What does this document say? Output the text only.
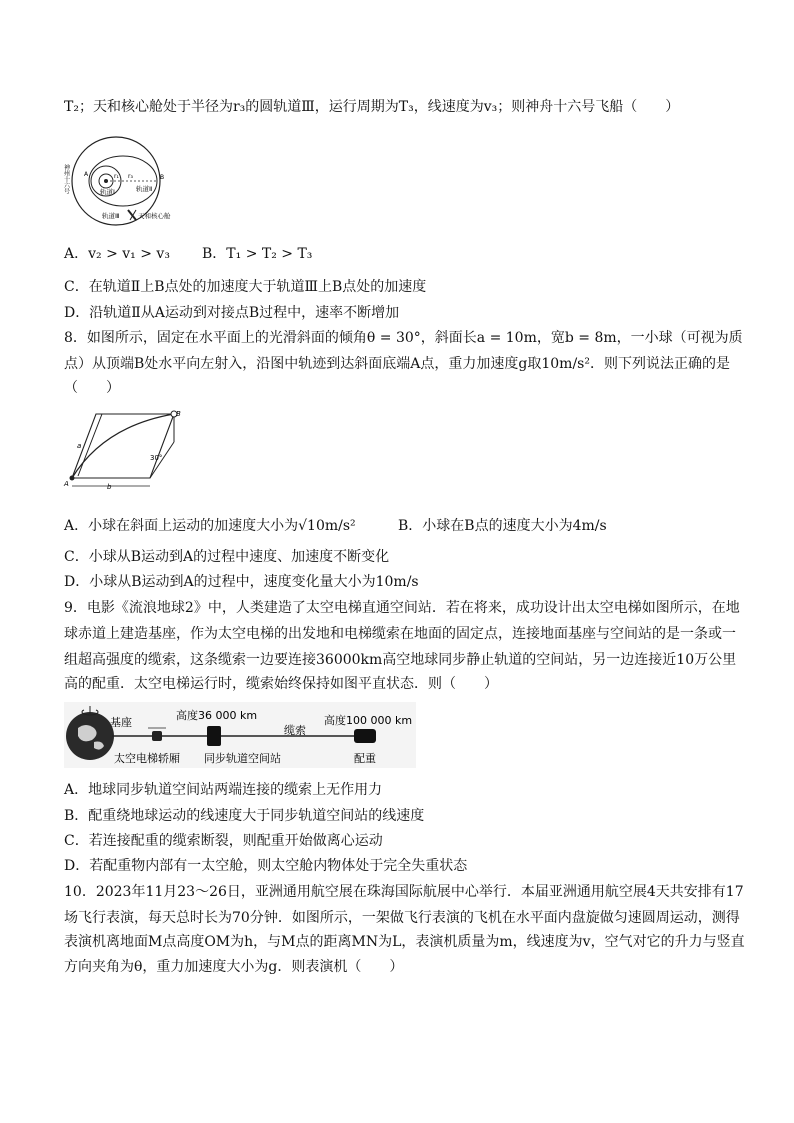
T₂；天和核心舱处于半径为r₃的圆轨道Ⅲ，运行周期为T₃，线速度为v₃；则神舟十六号飞船（　　）
神州十六号 A	B
r₃
r₁
轨道Ⅰ	轨道Ⅱ
轨道Ⅲ	天和核心舱
A．v₂ > v₁ > v₃ B．T₁ > T₂ > T₃
C．在轨道Ⅱ上B点处的加速度大于轨道Ⅲ上B点处的加速度
D．沿轨道Ⅱ从A运动到对接点B过程中，速率不断增加
8．如图所示，固定在水平面上的光滑斜面的倾角θ = 30°，斜面长a = 10m，宽b = 8m，一小球（可视为质
点）从顶端B处水平向左射入，沿图中轨迹到达斜面底端A点，重力加速度g取10m/s²．则下列说法正确的是
（　　）
b
a
A
B
30°
A．小球在斜面上运动的加速度大小为√10m/s²	B．小球在B点的速度大小为4m/s
C．小球从B运动到A的过程中速度、加速度不断变化
D．小球从B运动到A的过程中，速度变化量大小为10m/s
9．电影《流浪地球2》中，人类建造了太空电梯直通空间站．若在将来，成功设计出太空电梯如图所示，在地
球赤道上建造基座，作为太空电梯的出发地和电梯缆索在地面的固定点，连接地面基座与空间站的是一条或一
组超高强度的缆索，这条缆索一边要连接36000km高空地球同步静止轨道的空间站，另一边连接近10万公里
高的配重．太空电梯运行时，缆索始终保持如图平直状态．则（　　）
基座
高度36 000 km
缆索
高度100 000 km
太空电梯轿厢 同步轨道空间站	配重
A．地球同步轨道空间站两端连接的缆索上无作用力
B．配重绕地球运动的线速度大于同步轨道空间站的线速度
C．若连接配重的缆索断裂，则配重开始做离心运动
D．若配重物内部有一太空舱，则太空舱内物体处于完全失重状态
10．2023年11月23～26日，亚洲通用航空展在珠海国际航展中心举行．本届亚洲通用航空展4天共安排有17
场飞行表演，每天总时长为70分钟．如图所示，一架做飞行表演的飞机在水平面内盘旋做匀速圆周运动，测得
表演机离地面M点高度OM为h，与M点的距离MN为L，表演机质量为m，线速度为v，空气对它的升力与竖直
方向夹角为θ，重力加速度大小为g．则表演机（　　）
